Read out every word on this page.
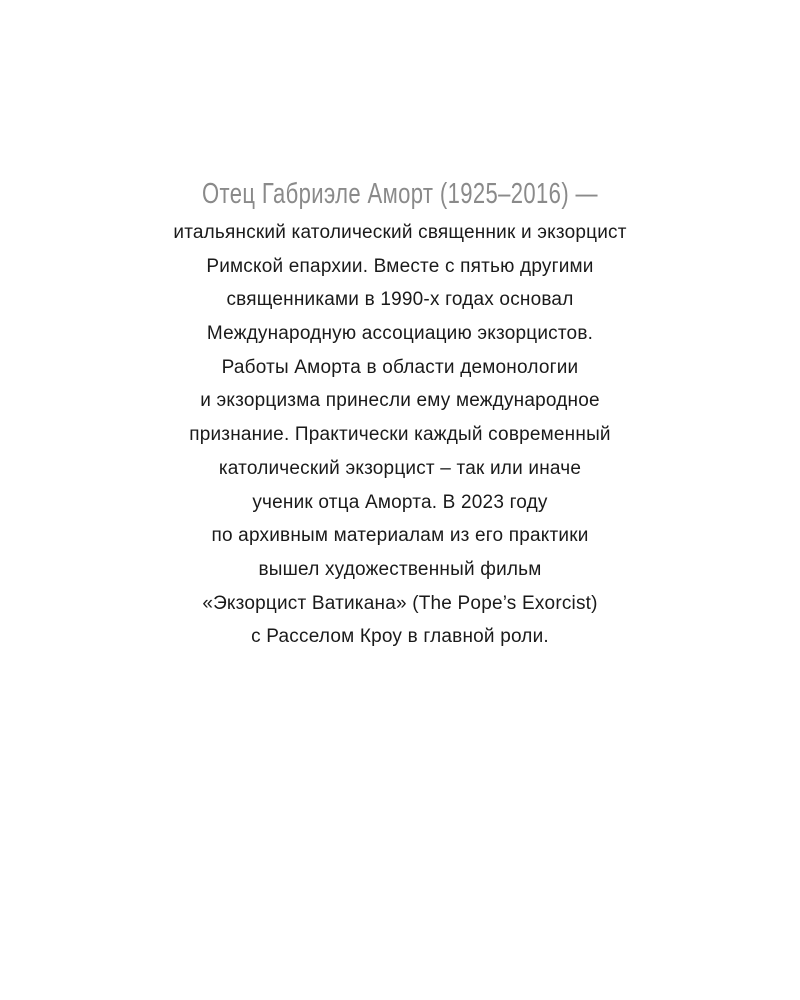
Отец Габриэле Аморт (1925–2016) —
итальянский католический священник и экзорцист
Римской епархии. Вместе с пятью другими
священниками в 1990-х годах основал
Международную ассоциацию экзорцистов.
Работы Аморта в области демонологии
и экзорцизма принесли ему международное
признание. Практически каждый современный
католический экзорцист – так или иначе
ученик отца Аморта. В 2023 году
по архивным материалам из его практики
вышел художественный фильм
«Экзорцист Ватикана» (The Pope’s Exorcist)
с Расселом Кроу в главной роли.
